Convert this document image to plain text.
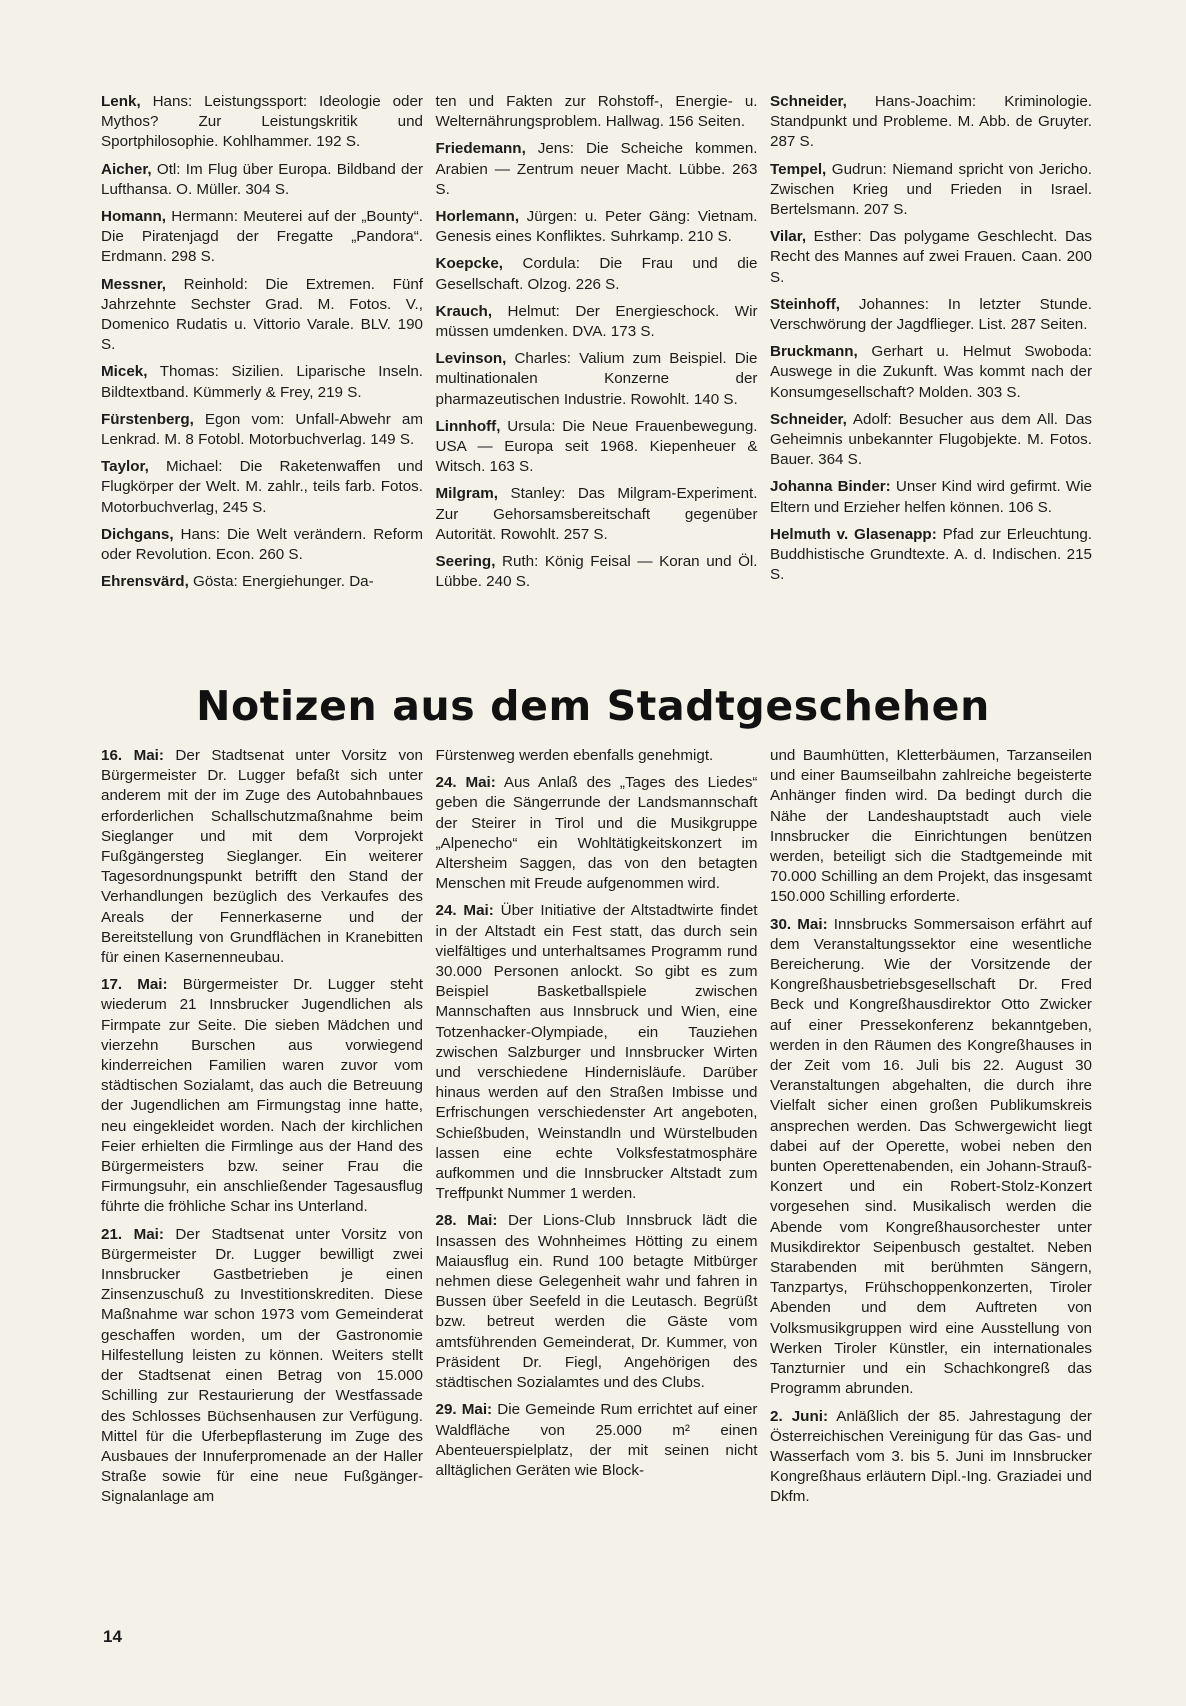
Lenk, Hans: Leistungssport: Ideologie oder Mythos? Zur Leistungskritik und Sportphilosophie. Kohlhammer. 192 S.

Aicher, Otl: Im Flug über Europa. Bildband der Lufthansa. O. Müller. 304 S.

Homann, Hermann: Meuterei auf der „Bounty“. Die Piratenjagd der Fregatte „Pandora“. Erdmann. 298 S.

Messner, Reinhold: Die Extremen. Fünf Jahrzehnte Sechster Grad. M. Fotos. V., Domenico Rudatis u. Vittorio Varale. BLV. 190 S.

Micek, Thomas: Sizilien. Liparische Inseln. Bildtextband. Kümmerly & Frey, 219 S.

Fürstenberg, Egon vom: Unfall-Abwehr am Lenkrad. M. 8 Fotobl. Motorbuchverlag. 149 S.

Taylor, Michael: Die Raketenwaffen und Flugkörper der Welt. M. zahlr., teils farb. Fotos. Motorbuchverlag, 245 S.

Dichgans, Hans: Die Welt verändern. Reform oder Revolution. Econ. 260 S.

Ehrensvärd, Gösta: Energiehunger. Da-

ten und Fakten zur Rohstoff-, Energie- u. Welternährungsproblem. Hallwag. 156 Seiten.

Friedemann, Jens: Die Scheiche kommen. Arabien — Zentrum neuer Macht. Lübbe. 263 S.

Horlemann, Jürgen: u. Peter Gäng: Vietnam. Genesis eines Konfliktes. Suhrkamp. 210 S.

Koepcke, Cordula: Die Frau und die Gesellschaft. Olzog. 226 S.

Krauch, Helmut: Der Energieschock. Wir müssen umdenken. DVA. 173 S.

Levinson, Charles: Valium zum Beispiel. Die multinationalen Konzerne der pharmazeutischen Industrie. Rowohlt. 140 S.

Linnhoff, Ursula: Die Neue Frauenbewegung. USA — Europa seit 1968. Kiepenheuer & Witsch. 163 S.

Milgram, Stanley: Das Milgram-Experiment. Zur Gehorsamsbereitschaft gegenüber Autorität. Rowohlt. 257 S.

Seering, Ruth: König Feisal — Koran und Öl. Lübbe. 240 S.

Schneider, Hans-Joachim: Kriminologie. Standpunkt und Probleme. M. Abb. de Gruyter. 287 S.

Tempel, Gudrun: Niemand spricht von Jericho. Zwischen Krieg und Frieden in Israel. Bertelsmann. 207 S.

Vilar, Esther: Das polygame Geschlecht. Das Recht des Mannes auf zwei Frauen. Caan. 200 S.

Steinhoff, Johannes: In letzter Stunde. Verschwörung der Jagdflieger. List. 287 Seiten.

Bruckmann, Gerhart u. Helmut Swoboda: Auswege in die Zukunft. Was kommt nach der Konsumgesellschaft? Molden. 303 S.

Schneider, Adolf: Besucher aus dem All. Das Geheimnis unbekannter Flugobjekte. M. Fotos. Bauer. 364 S.

Johanna Binder: Unser Kind wird gefirmt. Wie Eltern und Erzieher helfen können. 106 S.

Helmuth v. Glasenapp: Pfad zur Erleuchtung. Buddhistische Grundtexte. A. d. Indischen. 215 S.

Notizen aus dem Stadtgeschehen

16. Mai: Der Stadtsenat unter Vorsitz von Bürgermeister Dr. Lugger befaßt sich unter anderem mit der im Zuge des Autobahnbaues erforderlichen Schallschutzmaßnahme beim Sieglanger und mit dem Vorprojekt Fußgängersteg Sieglanger. Ein weiterer Tagesordnungspunkt betrifft den Stand der Verhandlungen bezüglich des Verkaufes des Areals der Fennerkaserne und der Bereitstellung von Grundflächen in Kranebitten für einen Kasernenneubau.

17. Mai: Bürgermeister Dr. Lugger steht wiederum 21 Innsbrucker Jugendlichen als Firmpate zur Seite. Die sieben Mädchen und vierzehn Burschen aus vorwiegend kinderreichen Familien waren zuvor vom städtischen Sozialamt, das auch die Betreuung der Jugendlichen am Firmungstag inne hatte, neu eingekleidet worden. Nach der kirchlichen Feier erhielten die Firmlinge aus der Hand des Bürgermeisters bzw. seiner Frau die Firmungsuhr, ein anschließender Tagesausflug führte die fröhliche Schar ins Unterland.

21. Mai: Der Stadtsenat unter Vorsitz von Bürgermeister Dr. Lugger bewilligt zwei Innsbrucker Gastbetrieben je einen Zinsenzuschuß zu Investitionskrediten. Diese Maßnahme war schon 1973 vom Gemeinderat geschaffen worden, um der Gastronomie Hilfestellung leisten zu können. Weiters stellt der Stadtsenat einen Betrag von 15.000 Schilling zur Restaurierung der Westfassade des Schlosses Büchsenhausen zur Verfügung. Mittel für die Uferbepflasterung im Zuge des Ausbaues der Innuferpromenade an der Haller Straße sowie für eine neue Fußgänger-Signalanlage am

Fürstenweg werden ebenfalls genehmigt.

24. Mai: Aus Anlaß des „Tages des Liedes“ geben die Sängerrunde der Landsmannschaft der Steirer in Tirol und die Musikgruppe „Alpenecho“ ein Wohltätigkeitskonzert im Altersheim Saggen, das von den betagten Menschen mit Freude aufgenommen wird.

24. Mai: Über Initiative der Altstadtwirte findet in der Altstadt ein Fest statt, das durch sein vielfältiges und unterhaltsames Programm rund 30.000 Personen anlockt. So gibt es zum Beispiel Basketballspiele zwischen Mannschaften aus Innsbruck und Wien, eine Totzenhacker-Olympiade, ein Tauziehen zwischen Salzburger und Innsbrucker Wirten und verschiedene Hindernisläufe. Darüber hinaus werden auf den Straßen Imbisse und Erfrischungen verschiedenster Art angeboten, Schießbuden, Weinstandln und Würstelbuden lassen eine echte Volksfestatmosphäre aufkommen und die Innsbrucker Altstadt zum Treffpunkt Nummer 1 werden.

28. Mai: Der Lions-Club Innsbruck lädt die Insassen des Wohnheimes Hötting zu einem Maiausflug ein. Rund 100 betagte Mitbürger nehmen diese Gelegenheit wahr und fahren in Bussen über Seefeld in die Leutasch. Begrüßt bzw. betreut werden die Gäste vom amtsführenden Gemeinderat, Dr. Kummer, von Präsident Dr. Fiegl, Angehörigen des städtischen Sozialamtes und des Clubs.

29. Mai: Die Gemeinde Rum errichtet auf einer Waldfläche von 25.000 m² einen Abenteuerspielplatz, der mit seinen nicht alltäglichen Geräten wie Block-

und Baumhütten, Kletterbäumen, Tarzanseilen und einer Baumseilbahn zahlreiche begeisterte Anhänger finden wird. Da bedingt durch die Nähe der Landeshauptstadt auch viele Innsbrucker die Einrichtungen benützen werden, beteiligt sich die Stadtgemeinde mit 70.000 Schilling an dem Projekt, das insgesamt 150.000 Schilling erforderte.

30. Mai: Innsbrucks Sommersaison erfährt auf dem Veranstaltungssektor eine wesentliche Bereicherung. Wie der Vorsitzende der Kongreßhausbetriebsgesellschaft Dr. Fred Beck und Kongreßhausdirektor Otto Zwicker auf einer Pressekonferenz bekanntgeben, werden in den Räumen des Kongreßhauses in der Zeit vom 16. Juli bis 22. August 30 Veranstaltungen abgehalten, die durch ihre Vielfalt sicher einen großen Publikumskreis ansprechen werden. Das Schwergewicht liegt dabei auf der Operette, wobei neben den bunten Operettenabenden, ein Johann-Strauß-Konzert und ein Robert-Stolz-Konzert vorgesehen sind. Musikalisch werden die Abende vom Kongreßhausorchester unter Musikdirektor Seipenbusch gestaltet. Neben Starabenden mit berühmten Sängern, Tanzpartys, Frühschoppenkonzerten, Tiroler Abenden und dem Auftreten von Volksmusikgruppen wird eine Ausstellung von Werken Tiroler Künstler, ein internationales Tanzturnier und ein Schachkongreß das Programm abrunden.

2. Juni: Anläßlich der 85. Jahrestagung der Österreichischen Vereinigung für das Gas- und Wasserfach vom 3. bis 5. Juni im Innsbrucker Kongreßhaus erläutern Dipl.-Ing. Graziadei und Dkfm.

14
